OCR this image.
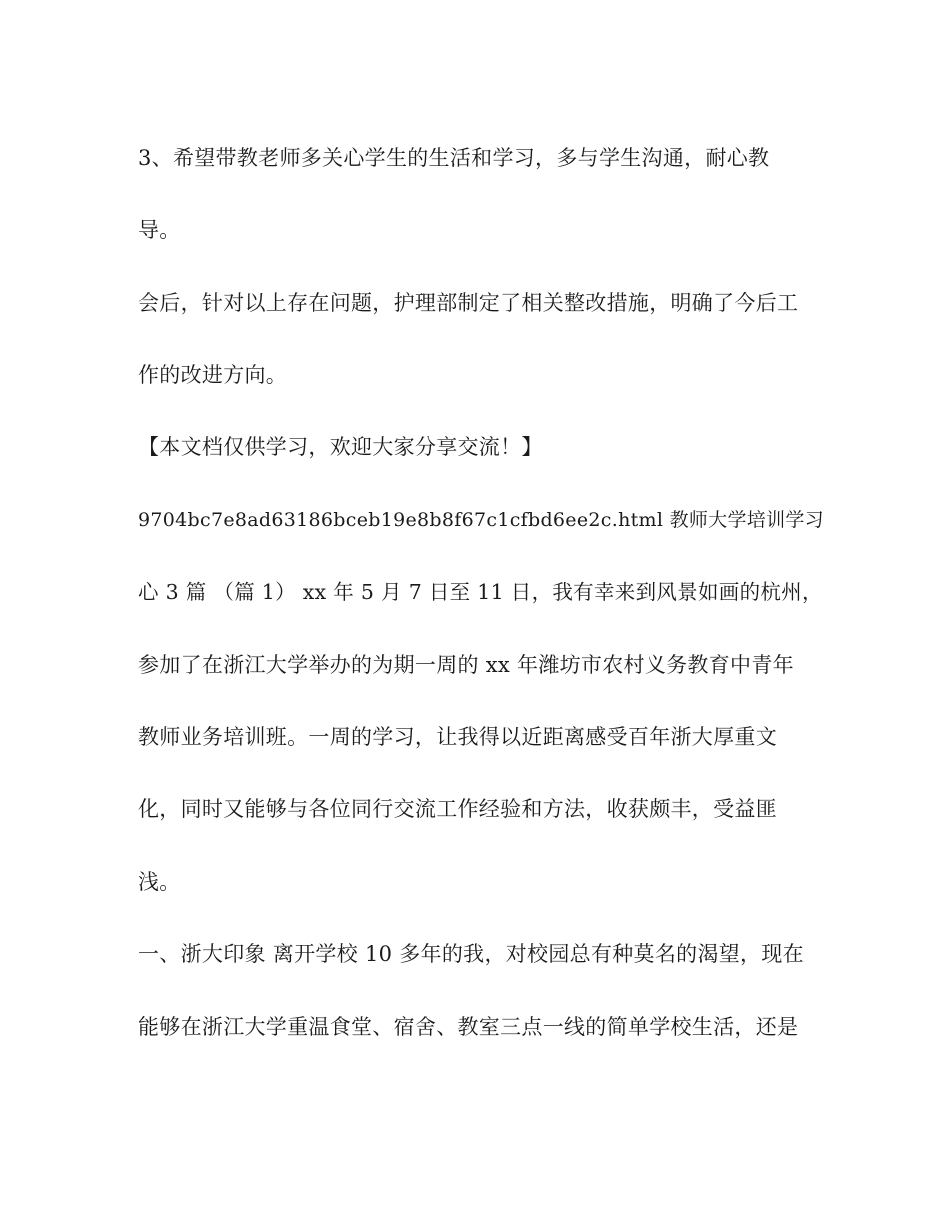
3、希望带教老师多关心学生的生活和学习，多与学生沟通，耐心教
导。
会后，针对以上存在问题，护理部制定了相关整改措施，明确了今后工
作的改进方向。
【本文档仅供学习，欢迎大家分享交流！】
9704bc7e8ad63186bceb19e8b8f67c1cfbd6ee2c.html 教师大学培训学习
心 3 篇 （篇 1） xx 年 5 月 7 日至 11 日，我有幸来到风景如画的杭州，
参加了在浙江大学举办的为期一周的 xx 年潍坊市农村义务教育中青年
教师业务培训班。一周的学习，让我得以近距离感受百年浙大厚重文
化，同时又能够与各位同行交流工作经验和方法，收获颇丰，受益匪
浅。
一、浙大印象 离开学校 10 多年的我，对校园总有种莫名的渴望，现在
能够在浙江大学重温食堂、宿舍、教室三点一线的简单学校生活，还是
